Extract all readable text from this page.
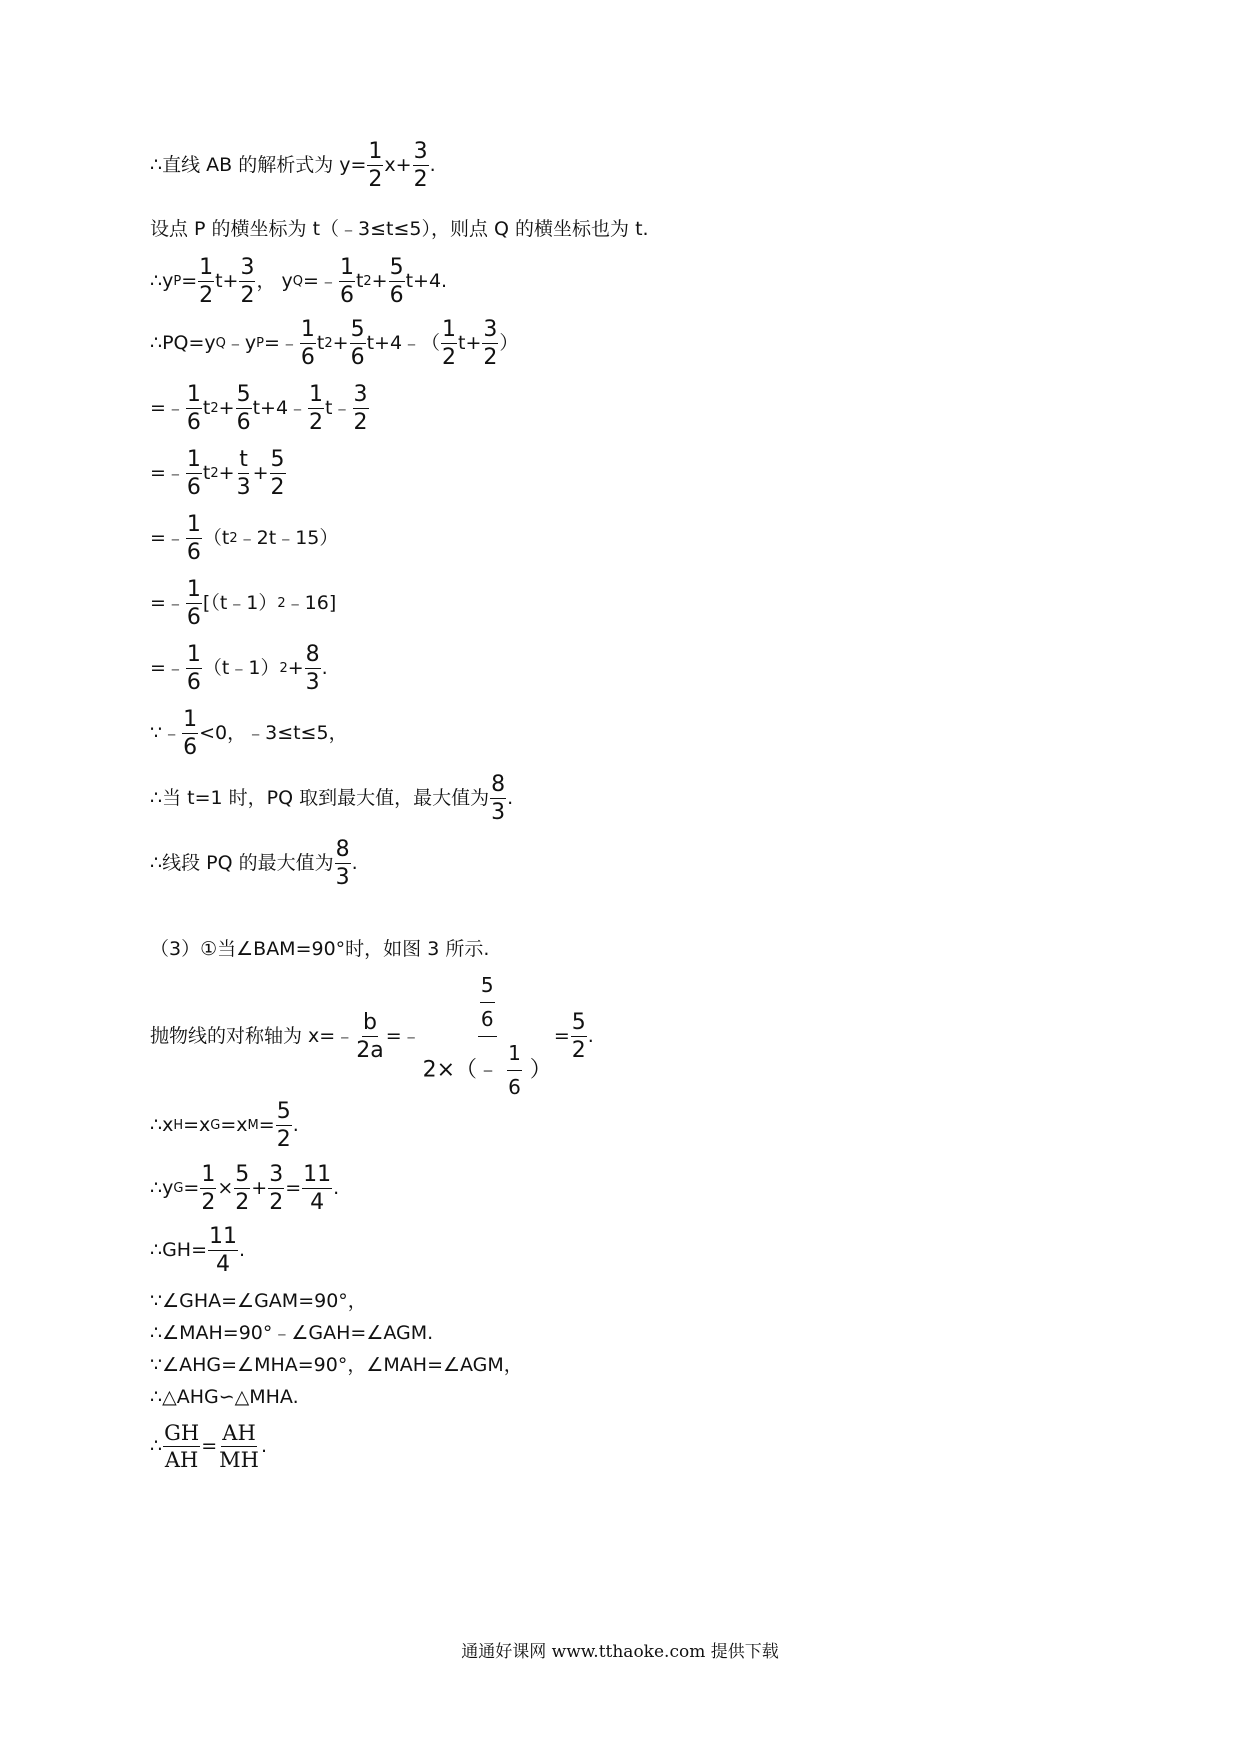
∴直线 AB 的解析式为 $y= \frac{1}{2} x+ \frac{3}{2}$ .
设点 P 的横坐标为 t（﹣3≤t≤5），则点 Q 的横坐标也为 t.
∴y $P = \frac{1}{2} t+ \frac{3}{2}$ ， y Q =﹣ $\frac{1}{6}$ t $2 + \frac{5}{6} t+4$.
∴PQ=y Q ﹣y P =﹣ $\frac{1}{6}$ t $2 + \frac{5}{6}$ t+4﹣（ $\frac{1}{2} t+ \frac{3}{2}$ ）
=﹣ $\frac{1}{6}$ t $2 + \frac{5}{6}$ t+4﹣ $\frac{1}{2}$ t﹣ $\frac{3}{2}$
=﹣ $\frac{1}{6}$ t $2 + \frac{t}{3} + \frac{5}{2}$
=﹣ $\frac{1}{6} (t$ 2 ﹣2t﹣15）
=﹣ $\frac{1}{6}$ [（t﹣1） 2 ﹣16]
=﹣ $\frac{1}{6}$ （t﹣1） $2 + \frac{8}{3}$ .
∵﹣ $\frac{1}{6} <0$，﹣3≤t≤5，
∴当 t=1 时，PQ 取到最大值，最大值为 $\frac{8}{3}$ .
∴线段 PQ 的最大值为 $\frac{8}{3}$ .
（3）①当∠BAM=90°时，如图 3 所示.
抛物线的对称轴为 x=﹣ $\frac{b}{2a}$ =﹣ $\frac{\frac{5}{6}}{2\times(﹣ \frac{1}{6} )} = \frac{5}{2}$ .
∴x H =x G =x $M = \frac{5}{2}$ .
∴y $G = \frac{1}{2} \times \frac{5}{2} + \frac{3}{2} = \frac{11}{4}$ .
∴GH= $\frac{11}{4}$ .
∵∠GHA=∠GAM=90°，
∴∠MAH=90°﹣∠GAH=∠AGM.
∵∠AHG=∠MHA=90°，∠MAH=∠AGM，
∴△AHG∽△MHA.
∴ $\frac{GH}{AH} = \frac{AH}{MH}$ .
通通好课网 www.tthaoke.com 提供下载
